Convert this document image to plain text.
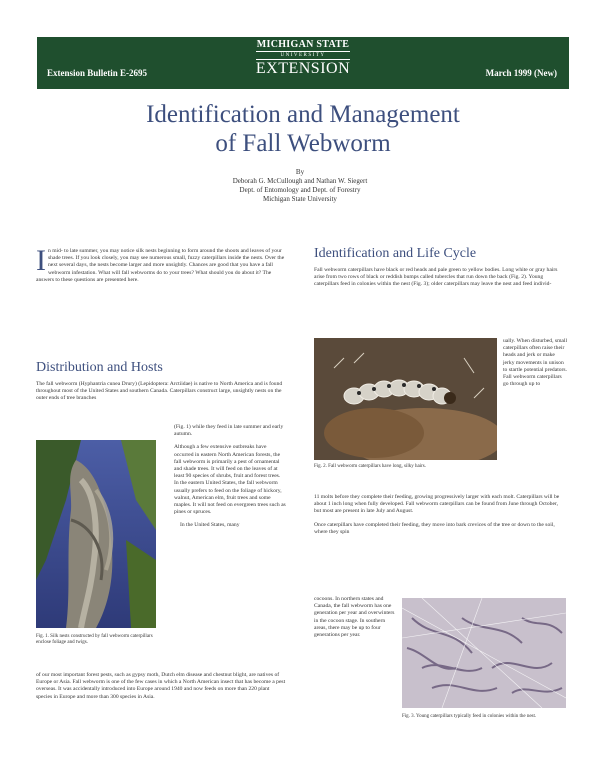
Extension Bulletin E-2695
MICHIGAN STATE
UNIVERSITY
EXTENSION	March 1999 (New)
Identification and Management
of Fall Webworm
By
Deborah G. McCullough and Nathan W. Siegert
Dept. of Entomology and Dept. of Forestry
Michigan State University
In mid- to late summer, you may notice silk nests beginning to form around the shoots and leaves of your shade trees. If you look closely, you may see numerous small, fuzzy caterpillars inside the nests. Over the next several days, the nests become larger and more unsightly. Chances are good that you have a fall webworm infestation. What will fall webworms do to your trees? What should you do about it? The answers to these questions are presented here.
Distribution and Hosts
The fall webworm (Hyphantria cunea Drury) (Lepidoptera: Arctiidae) is native to North America and is found throughout most of the United States and southern Canada. Caterpillars construct large, unsightly nests on the outer ends of tree branches
Fig. 1. Silk nests constructed by fall webworm caterpillars enclose foliage and twigs.

(Fig. 1) while they feed in late summer and early autumn.

Although a few extensive outbreaks have occurred in eastern North American forests, the fall webworm is primarily a pest of ornamental and shade trees. It will feed on the leaves of at least 90 species of shrubs, fruit and forest trees. In the eastern United States, the fall webworm usually prefers to feed on the foliage of hickory, walnut, American elm, fruit trees and some maples. It will not feed on evergreen trees such as pines or spruces.

In the United States, many

of our most important forest pests, such as gypsy moth, Dutch elm disease and chestnut blight, are natives of Europe or Asia. Fall webworm is one of the few cases in which a North American insect that has become a pest overseas. It was accidentally introduced into Europe around 1940 and now feeds on more than 220 plant species in Europe and more than 300 species in Asia.
Identification and Life Cycle
Fall webworm caterpillars have black or red heads and pale green to yellow bodies. Long white or gray hairs arise from two rows of black or reddish bumps called tubercles that run down the back (Fig. 2). Young caterpillars feed in colonies within the nest (Fig. 3); older caterpillars may leave the nest and feed individ-
Fig. 2. Fall webworm caterpillars have long, silky hairs.
ually. When disturbed, small caterpillars often raise their heads and jerk or make jerky movements in unison to startle potential predators. Fall webworm caterpillars go through up to

11 molts before they complete their feeding, growing progressively larger with each molt. Caterpillars will be about 1 inch long when fully developed. Fall webworm caterpillars can be found from June through October, but most are present in late July and August.

Once caterpillars have completed their feeding, they move into bark crevices of the tree or down to the soil, where they spin

cocoons. In northern states and Canada, the fall webworm has one generation per year and overwinters in the cocoon stage. In southern areas, there may be up to four generations per year.
Fig. 3. Young caterpillars typically feed in colonies within the nest.
